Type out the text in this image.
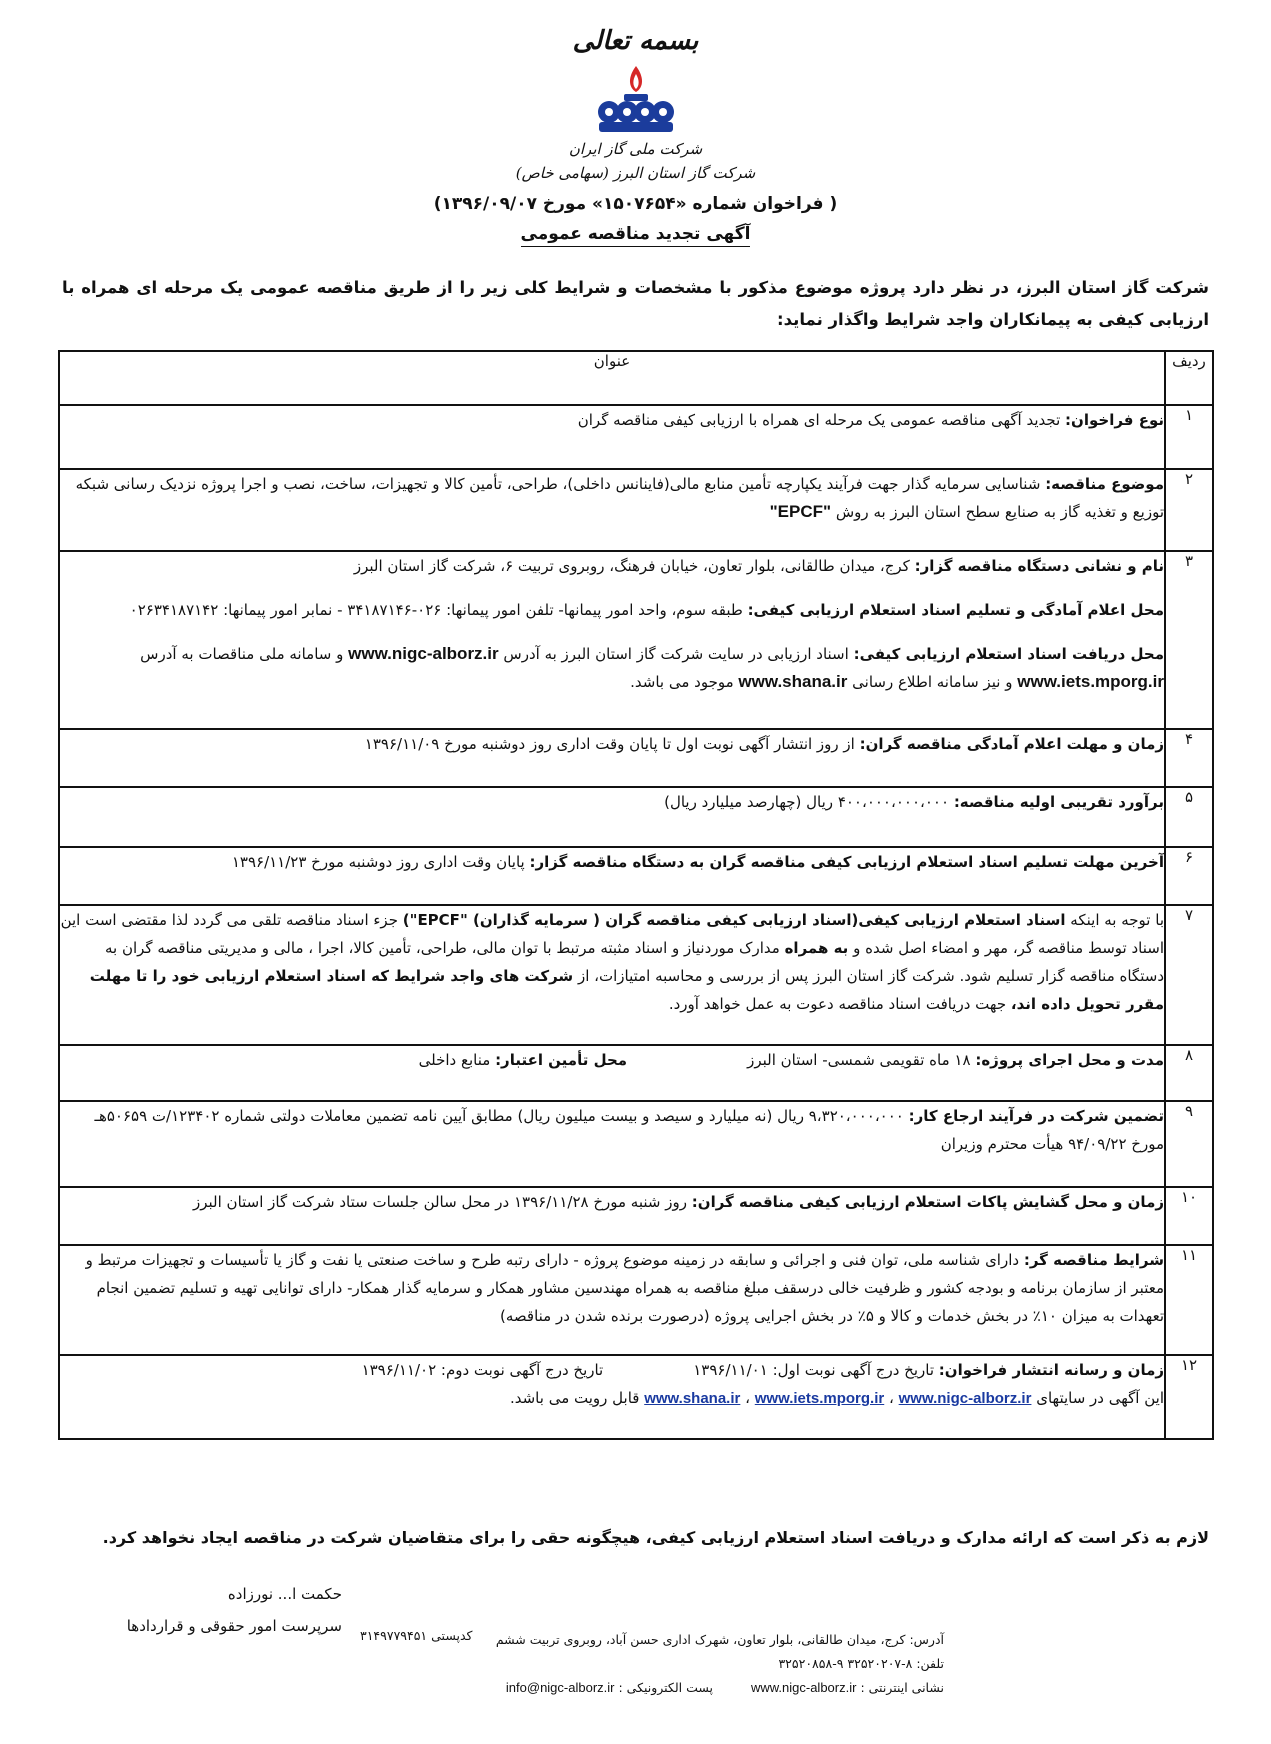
بسمه تعالی
شرکت ملی گاز ایران
شرکت گاز استان البرز (سهامی خاص)
( فراخوان شماره «۱۵۰۷۶۵۴» مورخ ۱۳۹۶/۰۹/۰۷)
آگهی تجدید مناقصه عمومی
شرکت گاز استان البرز، در نظر دارد پروژه موضوع مذکور با مشخصات و شرایط کلی زیر را از طریق مناقصه عمومی یک مرحله ای همراه با ارزیابی کیفی به پیمانکاران واجد شرایط واگذار نماید:
ردیف	عنوان
۱	نوع فراخوان: تجدید آگهی مناقصه عمومی یک مرحله ای همراه با ارزیابی کیفی مناقصه گران
۲	موضوع مناقصه: شناسایی سرمایه گذار جهت فرآیند یکپارچه تأمین منابع مالی(فاینانس داخلی)، طراحی، تأمین کالا و تجهیزات، ساخت، نصب و اجرا پروژه نزدیک رسانی شبکه توزیع و تغذیه گاز به صنایع سطح استان البرز به روش "EPCF"
۳	نام و نشانی دستگاه مناقصه گزار: کرج، میدان طالقانی، بلوار تعاون، خیابان فرهنگ، روبروی تربیت ۶، شرکت گاز استان البرز
محل اعلام آمادگی و تسلیم اسناد استعلام ارزیابی کیفی: طبقه سوم، واحد امور پیمانها- تلفن امور پیمانها: ۰۲۶-۳۴۱۸۷۱۴۶ - نمابر امور پیمانها: ۰۲۶۳۴۱۸۷۱۴۲
محل دریافت اسناد استعلام ارزیابی کیفی: اسناد ارزیابی در سایت شرکت گاز استان البرز به آدرس www.nigc-alborz.ir و سامانه ملی مناقصات به آدرس www.iets.mporg.ir و نیز سامانه اطلاع رسانی www.shana.ir موجود می باشد.

۴	زمان و مهلت اعلام آمادگی مناقصه گران: از روز انتشار آگهی نوبت اول تا پایان وقت اداری روز دوشنبه مورخ ۱۳۹۶/۱۱/۰۹
۵	برآورد تقریبی اولیه مناقصه: ۴۰۰،۰۰۰،۰۰۰،۰۰۰ ریال (چهارصد میلیارد ریال)
۶	آخرین مهلت تسلیم اسناد استعلام ارزیابی کیفی مناقصه گران به دستگاه مناقصه گزار: پایان وقت اداری روز دوشنبه مورخ ۱۳۹۶/۱۱/۲۳
۷	با توجه به اینکه اسناد استعلام ارزیابی کیفی(اسناد ارزیابی کیفی مناقصه گران ( سرمایه گذاران) "EPCF") جزء اسناد مناقصه تلقی می گردد لذا مقتضی است این اسناد توسط مناقصه گر، مهر و امضاء اصل شده و به همراه مدارک موردنیاز و اسناد مثبته مرتبط با توان مالی، طراحی، تأمین کالا، اجرا ، مالی و مدیریتی مناقصه گران به دستگاه مناقصه گزار تسلیم شود. شرکت گاز استان البرز پس از بررسی و محاسبه امتیازات، از شرکت های واجد شرایط که اسناد استعلام ارزیابی خود را تا مهلت مقرر تحویل داده اند، جهت دریافت اسناد مناقصه دعوت به عمل خواهد آورد.
۸	مدت و محل اجرای پروژه: ۱۸ ماه تقویمی شمسی- استان البرز
محل تأمین اعتبار: منابع داخلی

۹	تضمین شرکت در فرآیند ارجاع کار: ۹،۳۲۰،۰۰۰،۰۰۰ ریال (نه میلیارد و سیصد و بیست میلیون ریال) مطابق آیین نامه تضمین معاملات دولتی شماره ۱۲۳۴۰۲/ت ۵۰۶۵۹هـ مورخ ۹۴/۰۹/۲۲ هیأت محترم وزیران
۱۰	زمان و محل گشایش پاکات استعلام ارزیابی کیفی مناقصه گران: روز شنبه مورخ ۱۳۹۶/۱۱/۲۸ در محل سالن جلسات ستاد شرکت گاز استان البرز
۱۱	شرایط مناقصه گر: دارای شناسه ملی، توان فنی و اجرائی و سابقه در زمینه موضوع پروژه - دارای رتبه طرح و ساخت صنعتی یا نفت و گاز یا تأسیسات و تجهیزات مرتبط و معتبر از سازمان برنامه و بودجه کشور و ظرفیت خالی درسقف مبلغ مناقصه به همراه مهندسین مشاور همکار و سرمایه گذار همکار- دارای توانایی تهیه و تسلیم تضمین انجام تعهدات به میزان ۱۰٪ در بخش خدمات و کالا و ۵٪ در بخش اجرایی پروژه (درصورت برنده شدن در مناقصه)
۱۲	زمان و رسانه انتشار فراخوان: تاریخ درج آگهی نوبت اول: ۱۳۹۶/۱۱/۰۱
تاریخ درج آگهی نوبت دوم: ۱۳۹۶/۱۱/۰۲
این آگهی در سایتهای www.shana.ir ، www.iets.mporg.ir ، www.nigc-alborz.ir قابل رویت می باشد.
لازم به ذکر است که ارائه مدارک و دریافت اسناد استعلام ارزیابی کیفی، هیچگونه حقی را برای متقاضیان شرکت در مناقصه ایجاد نخواهد کرد.
حکمت ا... نورزاده
سرپرست امور حقوقی و قراردادها
آدرس: کرج، میدان طالقانی، بلوار تعاون، شهرک اداری حسن آباد، روبروی تربیت ششم
تلفن: ۸-۳۲۵۲۰۲۰۷ ۹-۳۲۵۲۰۸۵۸
نشانی اینترنتی : www.nigc-alborz.ir  پست الکترونیکی : info@nigc-alborz.ir
کدپستی ۳۱۴۹۷۷۹۴۵۱
